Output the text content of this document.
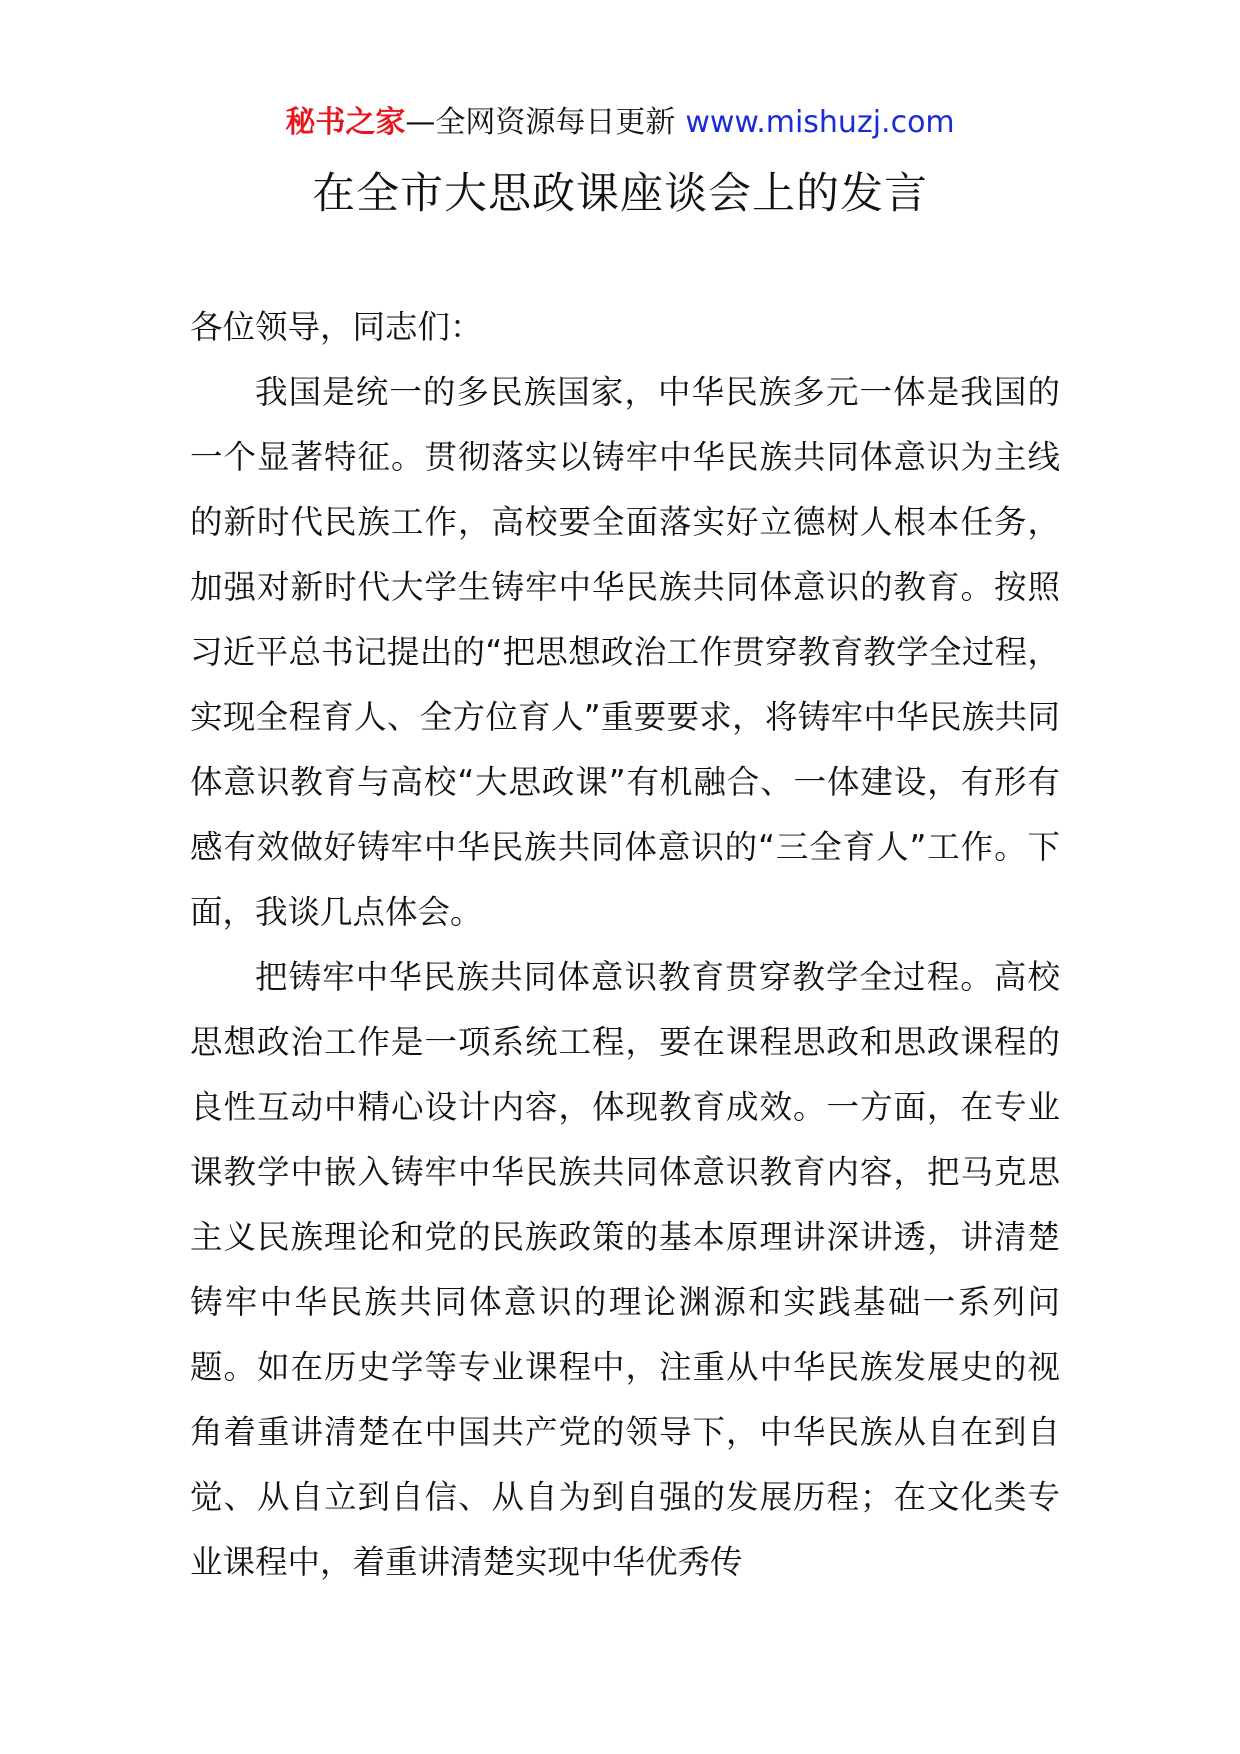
秘书之家—全网资源每日更新 www.mishuzj.com
在全市大思政课座谈会上的发言

各位领导，同志们：

我国是统一的多民族国家，中华民族多元一体是我国的一个显著特征。贯彻落实以铸牢中华民族共同体意识为主线的新时代民族工作，高校要全面落实好立德树人根本任务，加强对新时代大学生铸牢中华民族共同体意识的教育。按照习近平总书记提出的“把思想政治工作贯穿教育教学全过程，实现全程育人、全方位育人”重要要求，将铸牢中华民族共同体意识教育与高校“大思政课”有机融合、一体建设，有形有感有效做好铸牢中华民族共同体意识的“三全育人”工作。下面，我谈几点体会。

把铸牢中华民族共同体意识教育贯穿教学全过程。高校思想政治工作是一项系统工程，要在课程思政和思政课程的良性互动中精心设计内容，体现教育成效。一方面，在专业课教学中嵌入铸牢中华民族共同体意识教育内容，把马克思主义民族理论和党的民族政策的基本原理讲深讲透，讲清楚铸牢中华民族共同体意识的理论渊源和实践基础一系列问题。如在历史学等专业课程中，注重从中华民族发展史的视角着重讲清楚在中国共产党的领导下，中华民族从自在到自觉、从自立到自信、从自为到自强的发展历程；在文化类专业课程中，着重讲清楚实现中华优秀传
